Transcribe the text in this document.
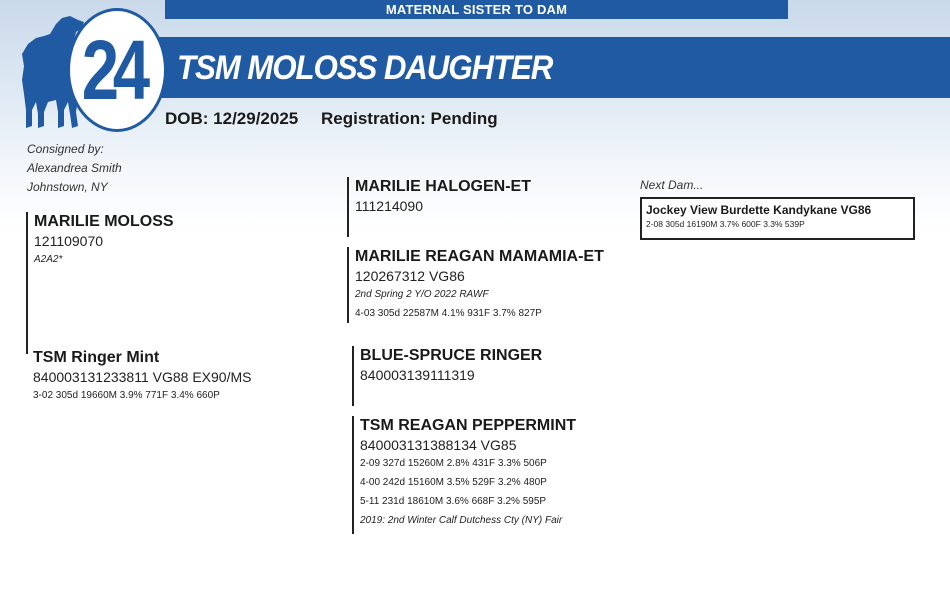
MATERNAL SISTER TO DAM
24 TSM MOLOSS DAUGHTER
DOB: 12/29/2025 Registration: Pending
Consigned by:
Alexandrea Smith
Johnstown, NY
MARILIE MOLOSS
121109070
A2A2*
MARILIE HALOGEN-ET
111214090
MARILIE REAGAN MAMAMIA-ET
120267312 VG86
2nd Spring 2 Y/O 2022 RAWF
4-03 305d 22587M 4.1% 931F 3.7% 827P
TSM Ringer Mint
840003131233811 VG88 EX90/MS
3-02 305d 19660M 3.9% 771F 3.4% 660P
BLUE-SPRUCE RINGER
840003139111319
TSM REAGAN PEPPERMINT
840003131388134 VG85
2-09 327d 15260M 2.8% 431F 3.3% 506P
4-00 242d 15160M 3.5% 529F 3.2% 480P
5-11 231d 18610M 3.6% 668F 3.2% 595P
2019: 2nd Winter Calf Dutchess Cty (NY) Fair
Next Dam...
Jockey View Burdette Kandykane VG86
2-08 305d 16190M 3.7% 600F 3.3% 539P
